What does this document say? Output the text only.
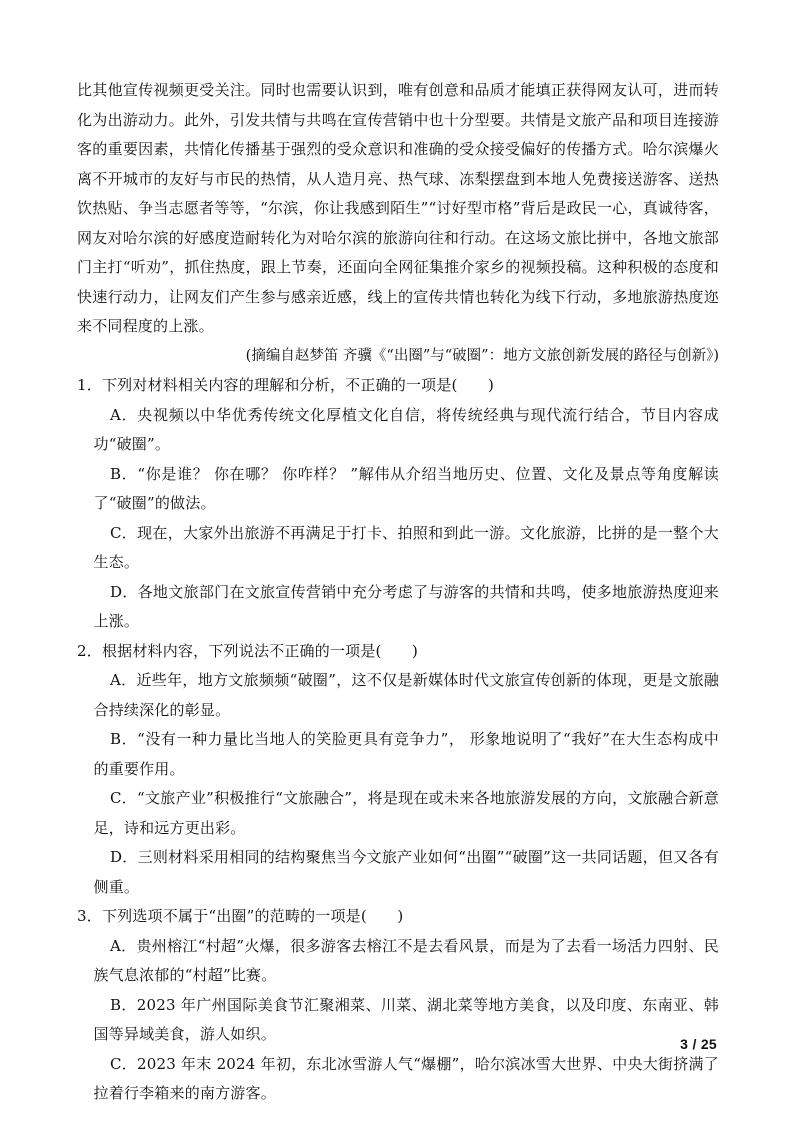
比其他宣传视频更受关注。同时也需要认识到，唯有创意和品质才能填正获得网友认可，进而转化为出游动力。此外，引发共情与共鸣在宣传营销中也十分型要。共情是文旅产品和项目连接游客的重要因素，共情化传播基于强烈的受众意识和准确的受众接受偏好的传播方式。哈尔滨爆火离不开城市的友好与市民的热情，从人造月亮、热气球、冻梨摆盘到本地人免费接送游客、送热饮热贴、争当志愿者等等，“尔滨，你让我感到陌生”“讨好型市格”背后是政民一心，真诚待客， 网友对哈尔滨的好感度造耐转化为对哈尔滨的旅游向往和行动。在这场文旅比拼中，各地文旅部门主打“听劝”，抓住热度，跟上节奏，还面向全网征集推介家乡的视频投稿。这种积极的态度和快速行动力，让网友们产生参与感亲近感，线上的宣传共情也转化为线下行动，多地旅游热度迩来不同程度的上涨。

(摘编自赵梦笛 齐骥《“出圈”与“破圈”：地方文旅创新发展的路径与创新》)

1．下列对材料相关内容的理解和分析，不正确的一项是(　　)

A．央视频以中华优秀传统文化厚植文化自信，将传统经典与现代流行结合，节目内容成功“破圈”。

B．“你是谁？ 你在哪？ 你咋样？ ”解伟从介绍当地历史、位置、文化及景点等角度解读了“破圈”的做法。

C．现在，大家外出旅游不再满足于打卡、拍照和到此一游。文化旅游，比拼的是一整个大生态。

D．各地文旅部门在文旅宣传营销中充分考虑了与游客的共情和共鸣，使多地旅游热度迎来上涨。

2．根据材料内容，下列说法不正确的一项是(　　)

A．近些年，地方文旅频频“破圈”，这不仅是新媒体时代文旅宣传创新的体现，更是文旅融合持续深化的彰显。

B．“没有一种力量比当地人的笑脸更具有竞争力”， 形象地说明了“我好”在大生态构成中的重要作用。

C．“文旅产业”积极推行“文旅融合”，将是现在或未来各地旅游发展的方向，文旅融合新意足，诗和远方更出彩。

D．三则材料采用相同的结构聚焦当今文旅产业如何“出圈”“破圈”这一共同话题，但又各有侧重。

3．下列选项不属于“出圈”的范畴的一项是(　　)

A．贵州榕江“村超”火爆，很多游客去榕江不是去看风景，而是为了去看一场活力四射、民族气息浓郁的“村超”比赛。

B．2023 年广州国际美食节汇聚湘菜、川菜、湖北菜等地方美食，以及印度、东南亚、韩国等异域美食，游人如织。

C．2023 年末 2024 年初，东北冰雪游人气“爆棚”，哈尔滨冰雪大世界、中央大街挤满了拉着行李箱来的南方游客。

3 / 25
